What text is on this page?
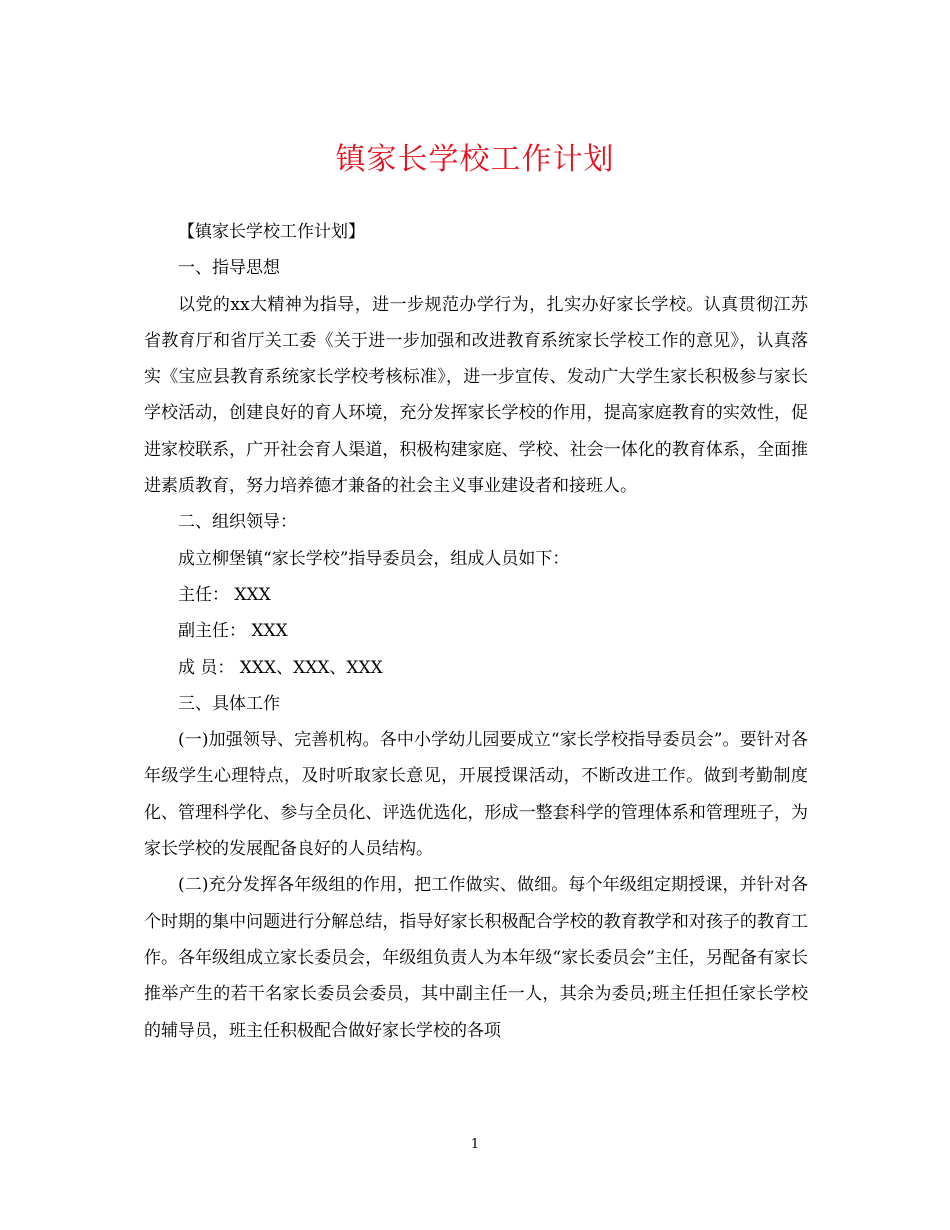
镇家长学校工作计划

【镇家长学校工作计划】

一、指导思想

以党的xx大精神为指导，进一步规范办学行为，扎实办好家长学校。认真贯彻江苏省教育厅和省厅关工委《关于进一步加强和改进教育系统家长学校工作的意见》，认真落实《宝应县教育系统家长学校考核标准》，进一步宣传、发动广大学生家长积极参与家长学校活动，创建良好的育人环境，充分发挥家长学校的作用，提高家庭教育的实效性，促进家校联系，广开社会育人渠道，积极构建家庭、学校、社会一体化的教育体系，全面推进素质教育，努力培养德才兼备的社会主义事业建设者和接班人。

二、组织领导：

成立柳堡镇“家长学校”指导委员会，组成人员如下：

主任： XXX

副主任： XXX

成 员： XXX、XXX、XXX

三、具体工作

(一)加强领导、完善机构。各中小学幼儿园要成立“家长学校指导委员会”。要针对各年级学生心理特点，及时听取家长意见，开展授课活动，不断改进工作。做到考勤制度化、管理科学化、参与全员化、评选优选化，形成一整套科学的管理体系和管理班子，为家长学校的发展配备良好的人员结构。

(二)充分发挥各年级组的作用，把工作做实、做细。每个年级组定期授课，并针对各个时期的集中问题进行分解总结，指导好家长积极配合学校的教育教学和对孩子的教育工作。各年级组成立家长委员会，年级组负责人为本年级“家长委员会”主任，另配备有家长推举产生的若干名家长委员会委员，其中副主任一人，其余为委员;班主任担任家长学校的辅导员，班主任积极配合做好家长学校的各项

1
